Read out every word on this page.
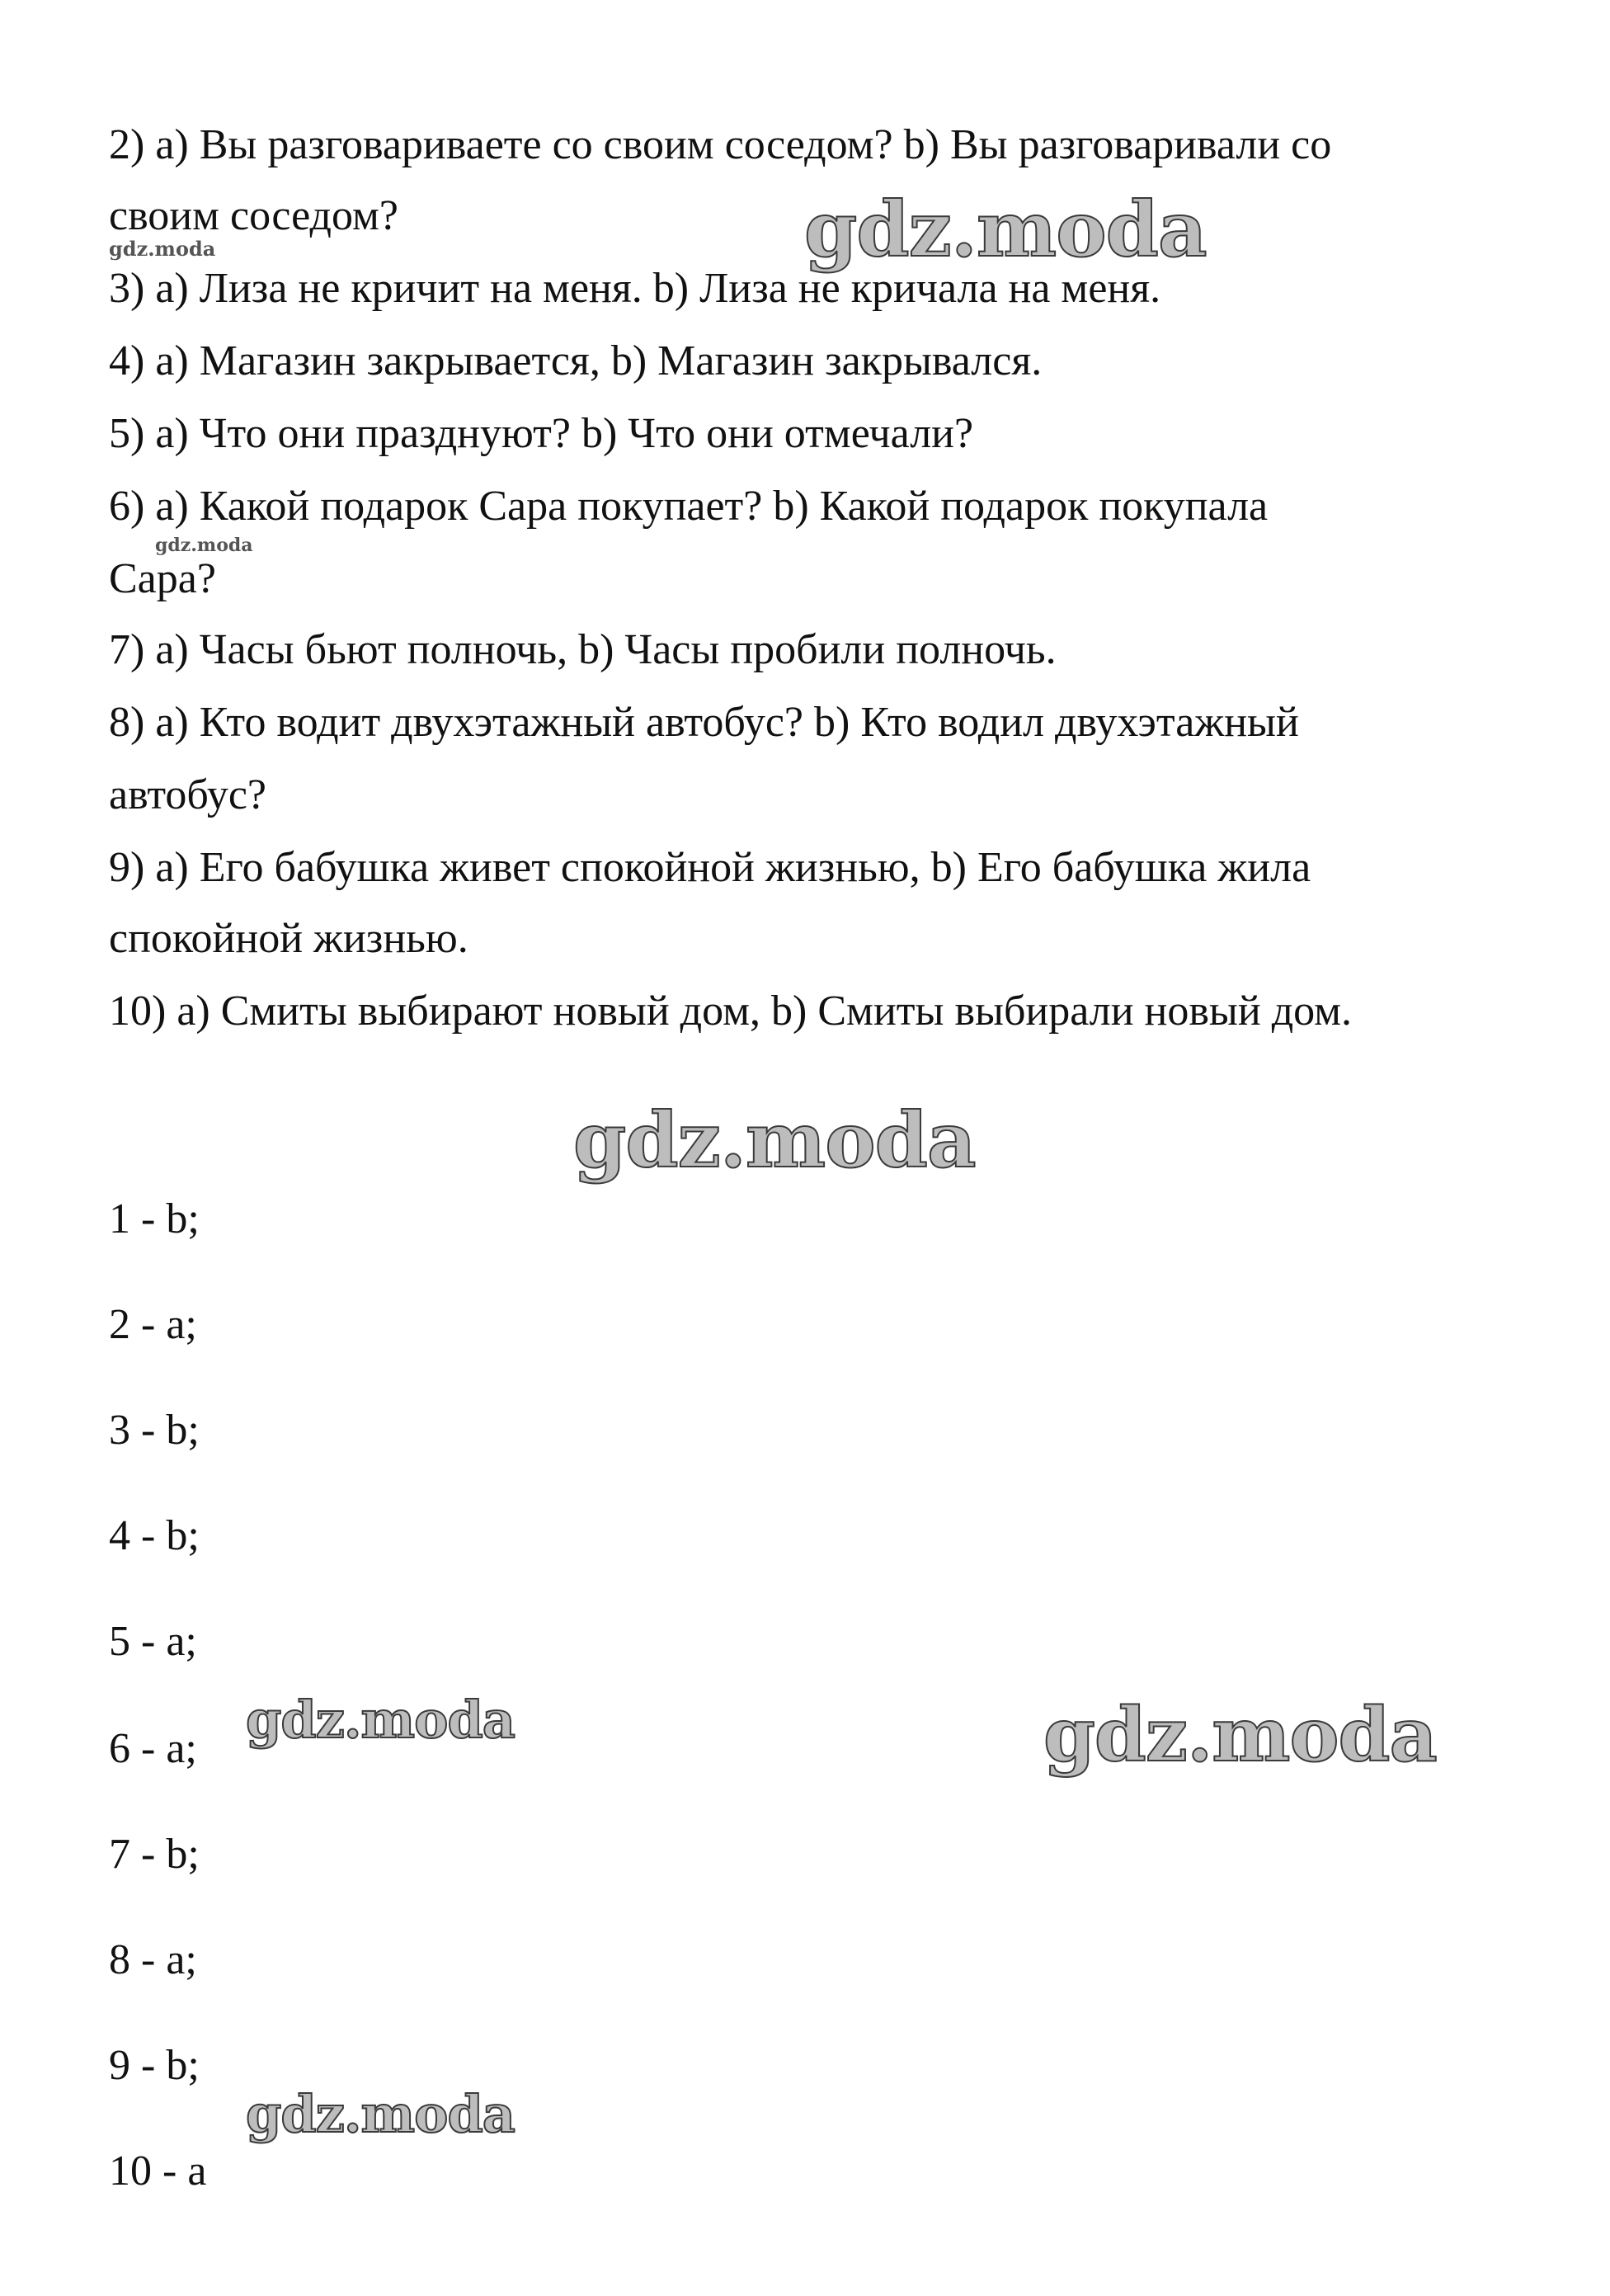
2) a) Вы разговариваете со своим соседом? b) Вы разговаривали со
своим соседом?
3) a) Лиза не кричит на меня. b) Лиза не кричала на меня.
4) a) Магазин закрывается, b) Магазин закрывался.
5) a) Что они празднуют? b) Что они отмечали?
6) a) Какой подарок Сара покупает? b) Какой подарок покупала
Сара?
7) a) Часы бьют полночь, b) Часы пробили полночь.
8) a) Кто водит двухэтажный автобус? b) Кто водил двухэтажный
автобус?
9) a) Его бабушка живет спокойной жизнью, b) Его бабушка жила
спокойной жизнью.
10) a) Смиты выбирают новый дом, b) Смиты выбирали новый дом.
1 - b;
2 - a;
3 - b;
4 - b;
5 - a;
6 - a;
7 - b;
8 - a;
9 - b;
10 - a
gdz.moda
gdz.moda
gdz.moda
gdz.moda
gdz.moda	gdz.moda
gdz.moda
